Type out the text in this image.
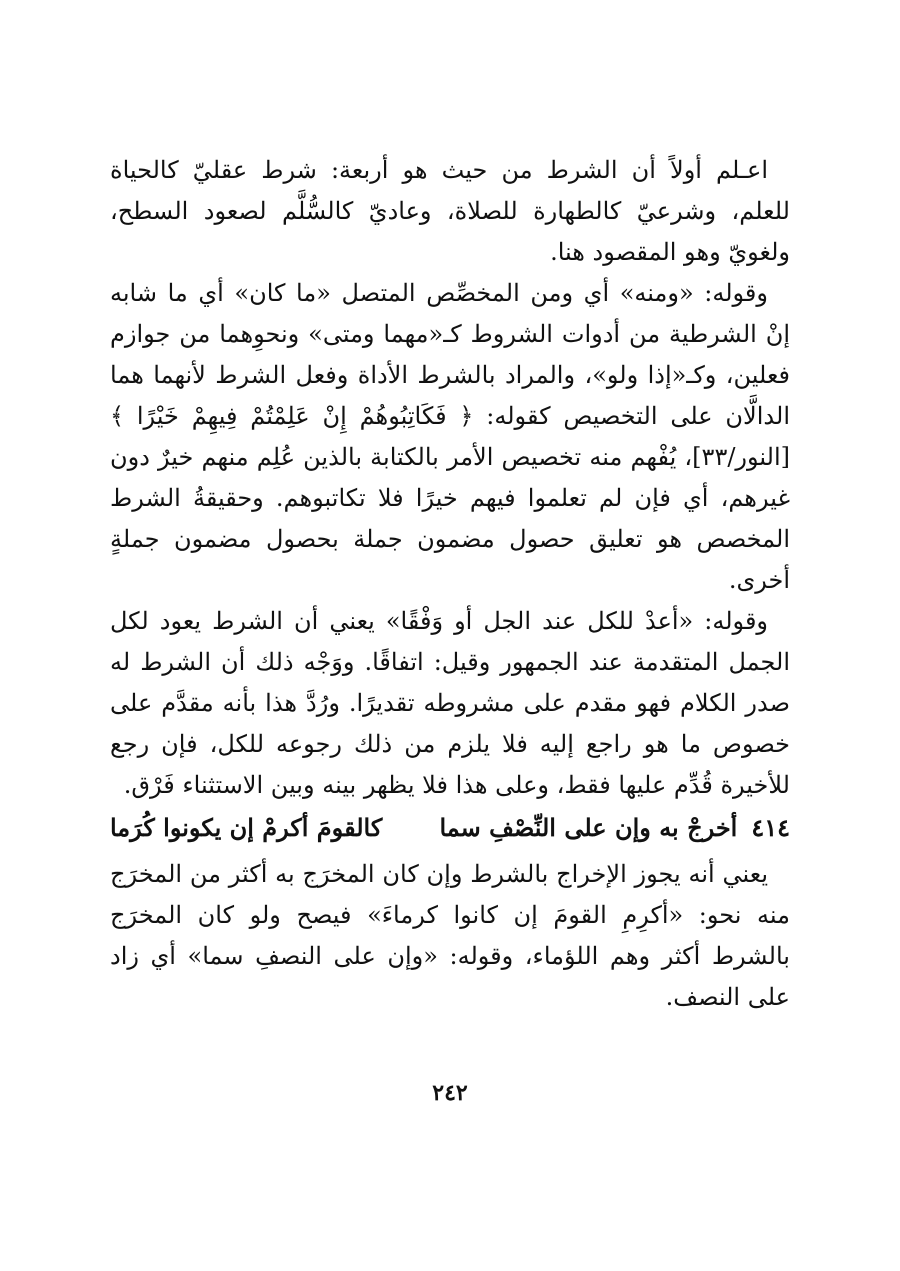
اعـلم أولاً أن الشرط من حيث هو أربعة: شرط عقليّ كالحياة للعلم، وشرعيّ كالطهارة للصلاة، وعاديّ كالسُّلَّم لصعود السطح، ولغويّ وهو المقصود هنا.

وقوله: «ومنه» أي ومن المخصِّص المتصل «ما كان» أي ما شابه إنْ الشرطية من أدوات الشروط كـ«مهما ومتى» ونحوِهما من جوازم فعلين، وكـ«إذا ولو»، والمراد بالشرط الأداة وفعل الشرط لأنهما هما الدالَّان على التخصيص كقوله: ﴿ فَكَاتِبُوهُمْ إِنْ عَلِمْتُمْ فِيهِمْ خَيْرًا ﴾ [النور/٣٣]، يُفْهم منه تخصيص الأمر بالكتابة بالذين عُلِم منهم خيرٌ دون غيرهم، أي فإن لم تعلموا فيهم خيرًا فلا تكاتبوهم. وحقيقةُ الشرط المخصص هو تعليق حصول مضمون جملة بحصول مضمون جملةٍ أخرى.

وقوله: «أعدْ للكل عند الجل أو وَفْقًا» يعني أن الشرط يعود لكل الجمل المتقدمة عند الجمهور وقيل: اتفاقًا. ووَجْه ذلك أن الشرط له صدر الكلام فهو مقدم على مشروطه تقديرًا. ورُدَّ هذا بأنه مقدَّم على خصوص ما هو راجع إليه فلا يلزم من ذلك رجوعه للكل، فإن رجع للأخيرة قُدِّم عليها فقط، وعلى هذا فلا يظهر بينه وبين الاستثناء فَرْق.

٤١٤
أخرجْ به وإن على النِّصْفِ سما
كالقومَ أكرمْ إن يكونوا كُرَما

يعني أنه يجوز الإخراج بالشرط وإن كان المخرَج به أكثر من المخرَج منه نحو: «أكرِمِ القومَ إن كانوا كرماءَ» فيصح ولو كان المخرَج بالشرط أكثر وهم اللؤماء، وقوله: «وإن على النصفِ سما» أي زاد على النصف.

٢٤٢
